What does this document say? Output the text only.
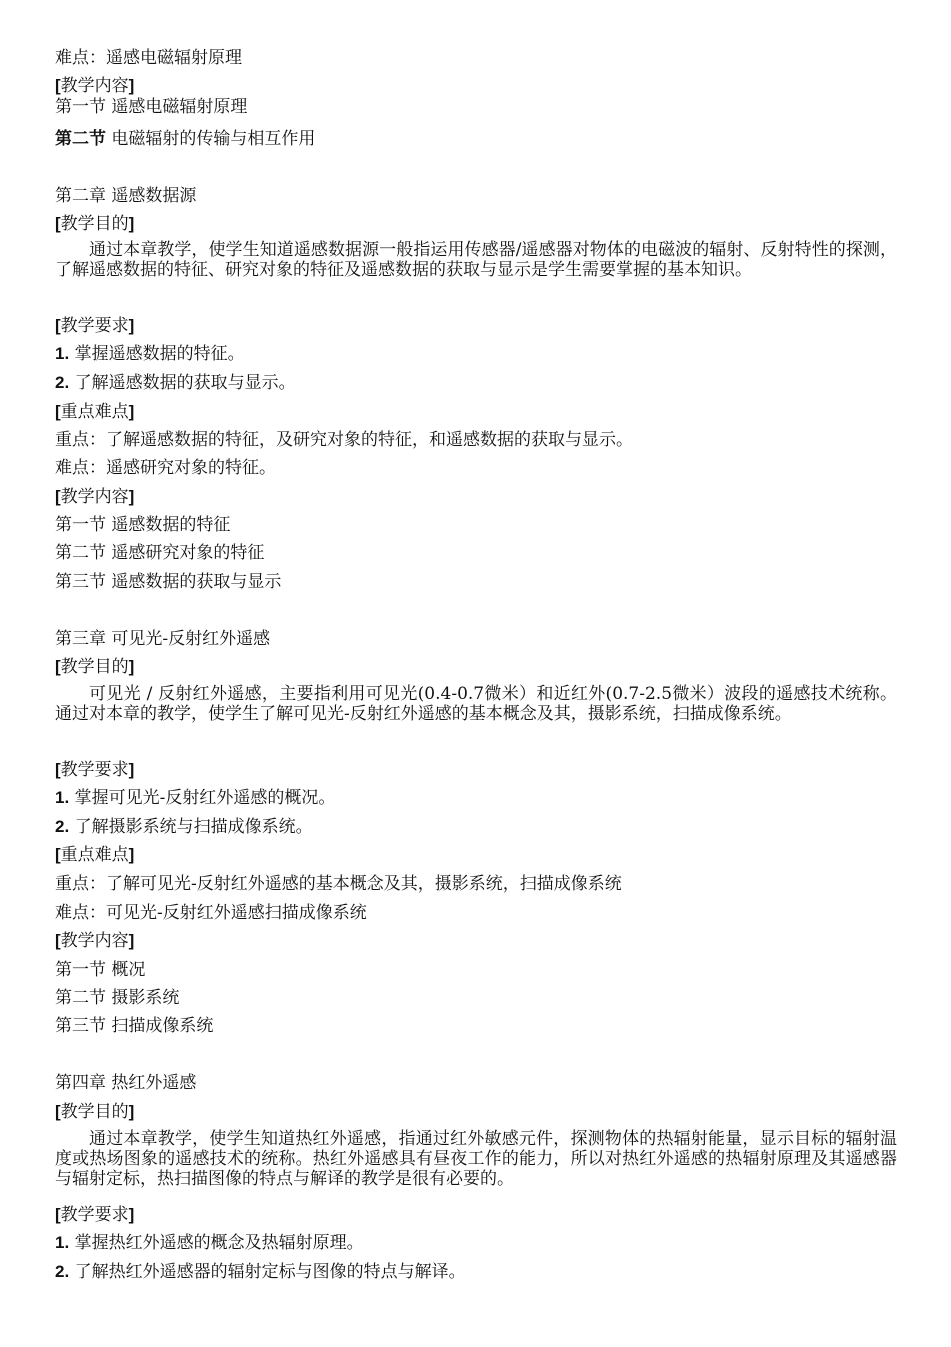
难点：遥感电磁辐射原理
[教学内容]
第一节 遥感电磁辐射原理
第二节 电磁辐射的传输与相互作用
第二章 遥感数据源
[教学目的]
通过本章教学，使学生知道遥感数据源一般指运用传感器/遥感器对物体的电磁波的辐射、反射特性的探测，了解遥感数据的特征、研究对象的特征及遥感数据的获取与显示是学生需要掌握的基本知识。
[教学要求]
1. 掌握遥感数据的特征。
2. 了解遥感数据的获取与显示。
[重点难点]
重点：了解遥感数据的特征，及研究对象的特征，和遥感数据的获取与显示。
难点：遥感研究对象的特征。
[教学内容]
第一节 遥感数据的特征
第二节 遥感研究对象的特征
第三节 遥感数据的获取与显示
第三章 可见光-反射红外遥感
[教学目的]
可见光 / 反射红外遥感，主要指利用可见光(0.4-0.7微米）和近红外(0.7-2.5微米）波段的遥感技术统称。通过对本章的教学，使学生了解可见光-反射红外遥感的基本概念及其，摄影系统，扫描成像系统。
[教学要求]
1. 掌握可见光-反射红外遥感的概况。
2. 了解摄影系统与扫描成像系统。
[重点难点]
重点：了解可见光-反射红外遥感的基本概念及其，摄影系统，扫描成像系统
难点：可见光-反射红外遥感扫描成像系统
[教学内容]
第一节 概况
第二节 摄影系统
第三节 扫描成像系统
第四章 热红外遥感
[教学目的]
通过本章教学，使学生知道热红外遥感，指通过红外敏感元件，探测物体的热辐射能量，显示目标的辐射温度或热场图象的遥感技术的统称。热红外遥感具有昼夜工作的能力，所以对热红外遥感的热辐射原理及其遥感器与辐射定标，热扫描图像的特点与解译的教学是很有必要的。
[教学要求]
1. 掌握热红外遥感的概念及热辐射原理。
2. 了解热红外遥感器的辐射定标与图像的特点与解译。
